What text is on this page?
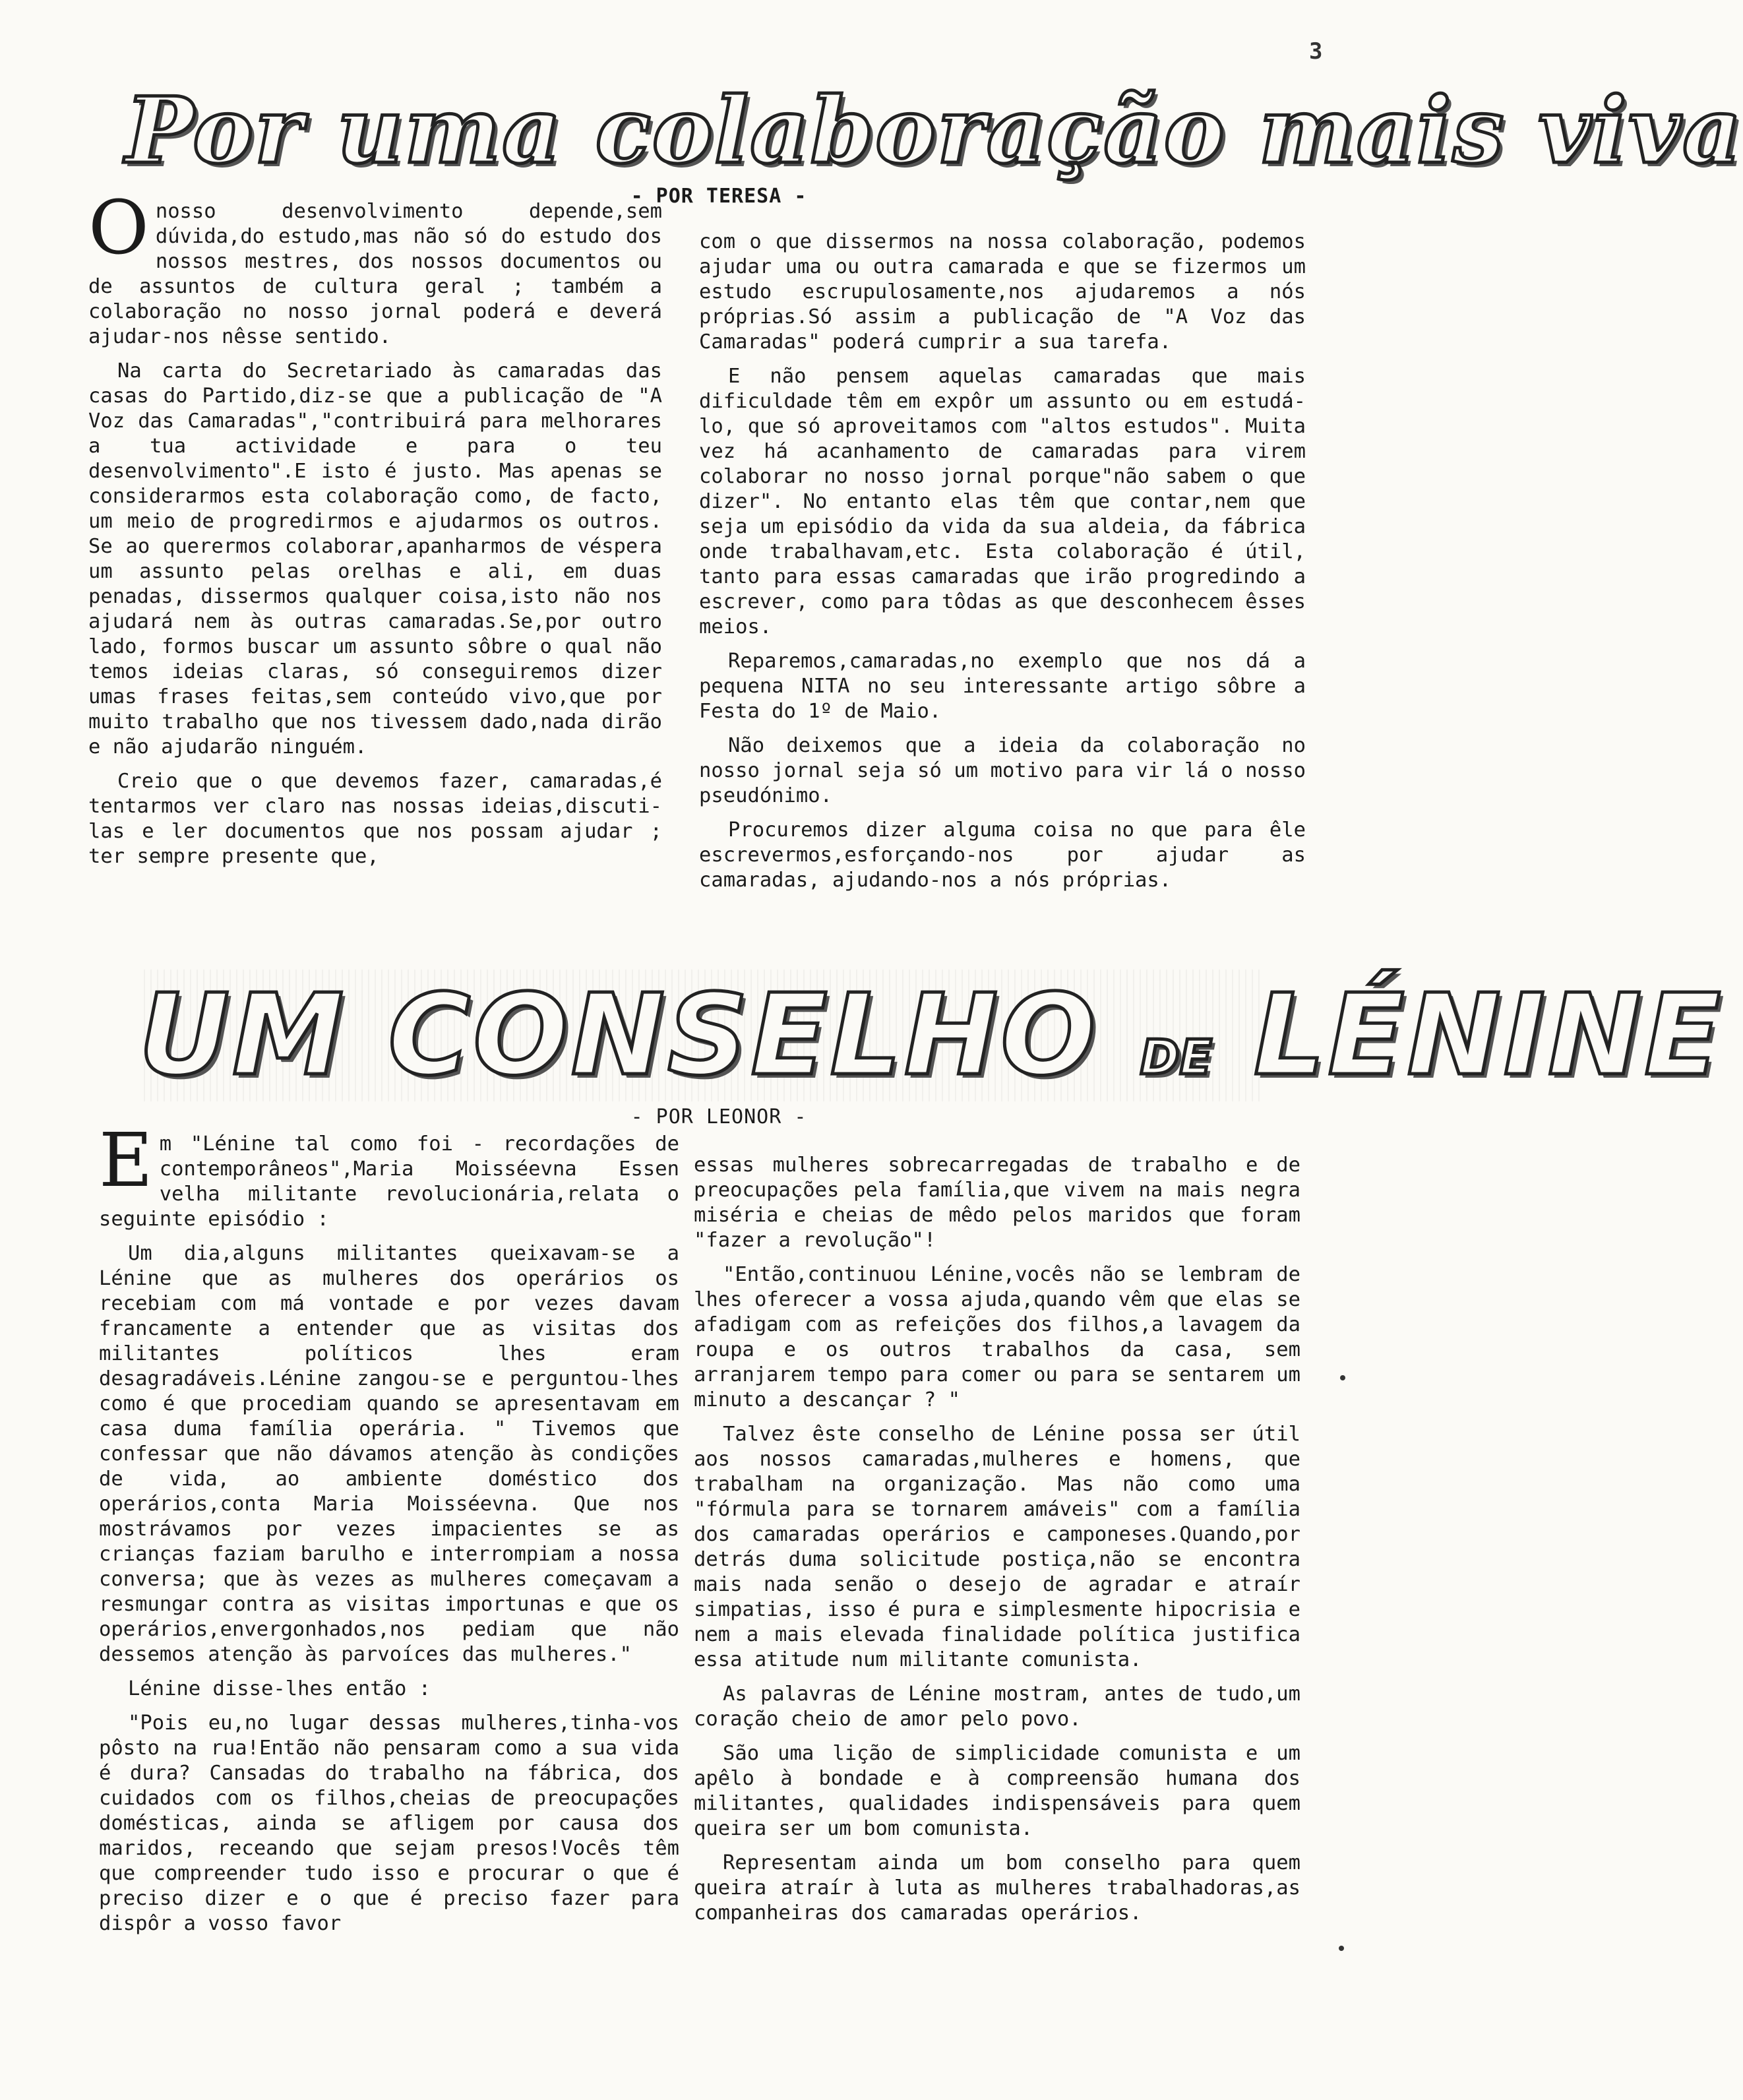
3
Por uma colaboração mais viva
- POR TERESA -

O nosso desenvolvimento depende,sem dúvida,do estudo,mas não só do estudo dos nossos mestres, dos nossos documentos ou de assuntos de cultura geral ; também a colaboração no nosso jornal poderá e deverá ajudar-nos nêsse sentido.

Na carta do Secretariado às camaradas das casas do Partido,diz-se que a publicação de "A Voz das Camaradas","contribuirá para melhorares a tua actividade e para o teu desenvolvimento".E isto é justo. Mas apenas se considerarmos esta colaboração como, de facto, um meio de progredirmos e ajudarmos os outros. Se ao querermos colaborar,apanharmos de véspera um assunto pelas orelhas e ali, em duas penadas, dissermos qualquer coisa,isto não nos ajudará nem às outras camaradas.Se,por outro lado, formos buscar um assunto sôbre o qual não temos ideias claras, só conseguiremos dizer umas frases feitas,sem conteúdo vivo,que por muito trabalho que nos tivessem dado,nada dirão e não ajudarão ninguém.

Creio que o que devemos fazer, camaradas,é tentarmos ver claro nas nossas ideias,discuti-las e ler documentos que nos possam ajudar ; ter sempre presente que,

com o que dissermos na nossa colaboração, podemos ajudar uma ou outra camarada e que se fizermos um estudo escrupulosamente,nos ajudaremos a nós próprias.Só assim a publicação de "A Voz das Camaradas" poderá cumprir a sua tarefa.

E não pensem aquelas camaradas que mais dificuldade têm em expôr um assunto ou em estudá-lo, que só aproveitamos com "altos estudos". Muita vez há acanhamento de camaradas para virem colaborar no nosso jornal porque"não sabem o que dizer". No entanto elas têm que contar,nem que seja um episódio da vida da sua aldeia, da fábrica onde trabalhavam,etc. Esta colaboração é útil, tanto para essas camaradas que irão progredindo a escrever, como para tôdas as que desconhecem êsses meios.

Reparemos,camaradas,no exemplo que nos dá a pequena NITA no seu interessante artigo sôbre a Festa do 1º de Maio.

Não deixemos que a ideia da colaboração no nosso jornal seja só um motivo para vir lá o nosso pseudónimo.

Procuremos dizer alguma coisa no que para êle escrevermos,esforçando-nos por ajudar as camaradas, ajudando-nos a nós próprias.

UM CONSELHO DE LÉNINE
- POR LEONOR -

Em "Lénine tal como foi - recordações de contemporâneos",Maria Moisséevna Essen velha militante revolucionária,relata o seguinte episódio :

Um dia,alguns militantes queixavam-se a Lénine que as mulheres dos operários os recebiam com má vontade e por vezes davam francamente a entender que as visitas dos militantes políticos lhes eram desagradáveis.Lénine zangou-se e perguntou-lhes como é que procediam quando se apresentavam em casa duma família operária. " Tivemos que confessar que não dávamos atenção às condições de vida, ao ambiente doméstico dos operários,conta Maria Moisséevna. Que nos mostrávamos por vezes impacientes se as crianças faziam barulho e interrompiam a nossa conversa; que às vezes as mulheres começavam a resmungar contra as visitas importunas e que os operários,envergonhados,nos pediam que não dessemos atenção às parvoíces das mulheres."

Lénine disse-lhes então :

"Pois eu,no lugar dessas mulheres,tinha-vos pôsto na rua!Então não pensaram como a sua vida é dura? Cansadas do trabalho na fábrica, dos cuidados com os filhos,cheias de preocupações domésticas, ainda se afligem por causa dos maridos, receando que sejam presos!Vocês têm que compreender tudo isso e procurar o que é preciso dizer e o que é preciso fazer para dispôr a vosso favor

essas mulheres sobrecarregadas de trabalho e de preocupações pela família,que vivem na mais negra miséria e cheias de mêdo pelos maridos que foram "fazer a revolução"!

"Então,continuou Lénine,vocês não se lembram de lhes oferecer a vossa ajuda,quando vêm que elas se afadigam com as refeições dos filhos,a lavagem da roupa e os outros trabalhos da casa, sem arranjarem tempo para comer ou para se sentarem um minuto a descançar ? "

Talvez êste conselho de Lénine possa ser útil aos nossos camaradas,mulheres e homens, que trabalham na organização. Mas não como uma "fórmula para se tornarem amáveis" com a família dos camaradas operários e camponeses.Quando,por detrás duma solicitude postiça,não se encontra mais nada senão o desejo de agradar e atraír simpatias, isso é pura e simplesmente hipocrisia e nem a mais elevada finalidade política justifica essa atitude num militante comunista.

As palavras de Lénine mostram, antes de tudo,um coração cheio de amor pelo povo.

São uma lição de simplicidade comunista e um apêlo à bondade e à compreensão humana dos militantes, qualidades indispensáveis para quem queira ser um bom comunista.

Representam ainda um bom conselho para quem queira atraír à luta as mulheres trabalhadoras,as companheiras dos camaradas operários.
